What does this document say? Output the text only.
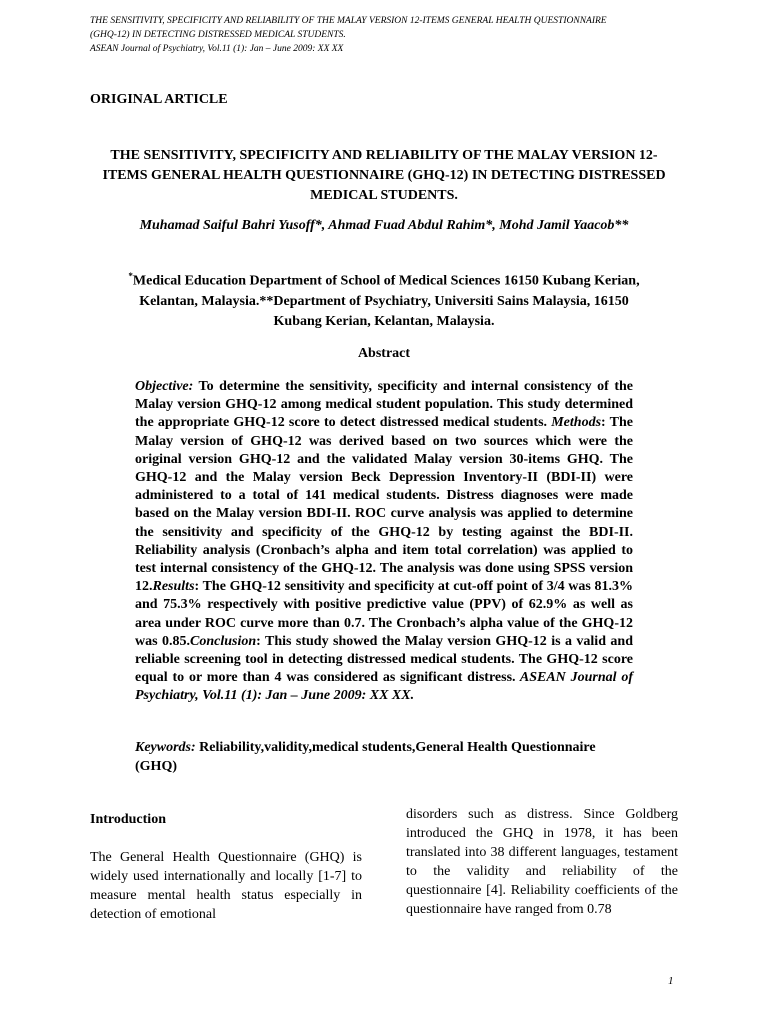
THE SENSITIVITY, SPECIFICITY AND RELIABILITY OF THE MALAY VERSION 12-ITEMS GENERAL HEALTH QUESTIONNAIRE
(GHQ-12) IN DETECTING DISTRESSED MEDICAL STUDENTS.
ASEAN Journal of Psychiatry, Vol.11 (1): Jan – June 2009: XX XX
ORIGINAL ARTICLE
THE SENSITIVITY, SPECIFICITY AND RELIABILITY OF THE MALAY VERSION 12-ITEMS GENERAL HEALTH QUESTIONNAIRE (GHQ-12) IN DETECTING DISTRESSED MEDICAL STUDENTS.
Muhamad Saiful Bahri Yusoff*, Ahmad Fuad Abdul Rahim*, Mohd Jamil Yaacob**
*Medical Education Department of School of Medical Sciences 16150 Kubang Kerian, Kelantan, Malaysia.**Department of Psychiatry, Universiti Sains Malaysia, 16150 Kubang Kerian, Kelantan, Malaysia.
Abstract
Objective: To determine the sensitivity, specificity and internal consistency of the Malay version GHQ-12 among medical student population. This study determined the appropriate GHQ-12 score to detect distressed medical students. Methods: The Malay version of GHQ-12 was derived based on two sources which were the original version GHQ-12 and the validated Malay version 30-items GHQ. The GHQ-12 and the Malay version Beck Depression Inventory-II (BDI-II) were administered to a total of 141 medical students. Distress diagnoses were made based on the Malay version BDI-II. ROC curve analysis was applied to determine the sensitivity and specificity of the GHQ-12 by testing against the BDI-II. Reliability analysis (Cronbach’s alpha and item total correlation) was applied to test internal consistency of the GHQ-12. The analysis was done using SPSS version 12.Results: The GHQ-12 sensitivity and specificity at cut-off point of 3/4 was 81.3% and 75.3% respectively with positive predictive value (PPV) of 62.9% as well as area under ROC curve more than 0.7. The Cronbach’s alpha value of the GHQ-12 was 0.85.Conclusion: This study showed the Malay version GHQ-12 is a valid and reliable screening tool in detecting distressed medical students. The GHQ-12 score equal to or more than 4 was considered as significant distress. ASEAN Journal of Psychiatry, Vol.11 (1): Jan – June 2009: XX XX.
Keywords: Reliability,validity,medical students,General Health Questionnaire (GHQ)
Introduction
The General Health Questionnaire (GHQ) is widely used internationally and locally [1-7] to measure mental health status especially in detection of emotional
disorders such as distress. Since Goldberg introduced the GHQ in 1978, it has been translated into 38 different languages, testament to the validity and reliability of the questionnaire [4]. Reliability coefficients of the questionnaire have ranged from 0.78
1
